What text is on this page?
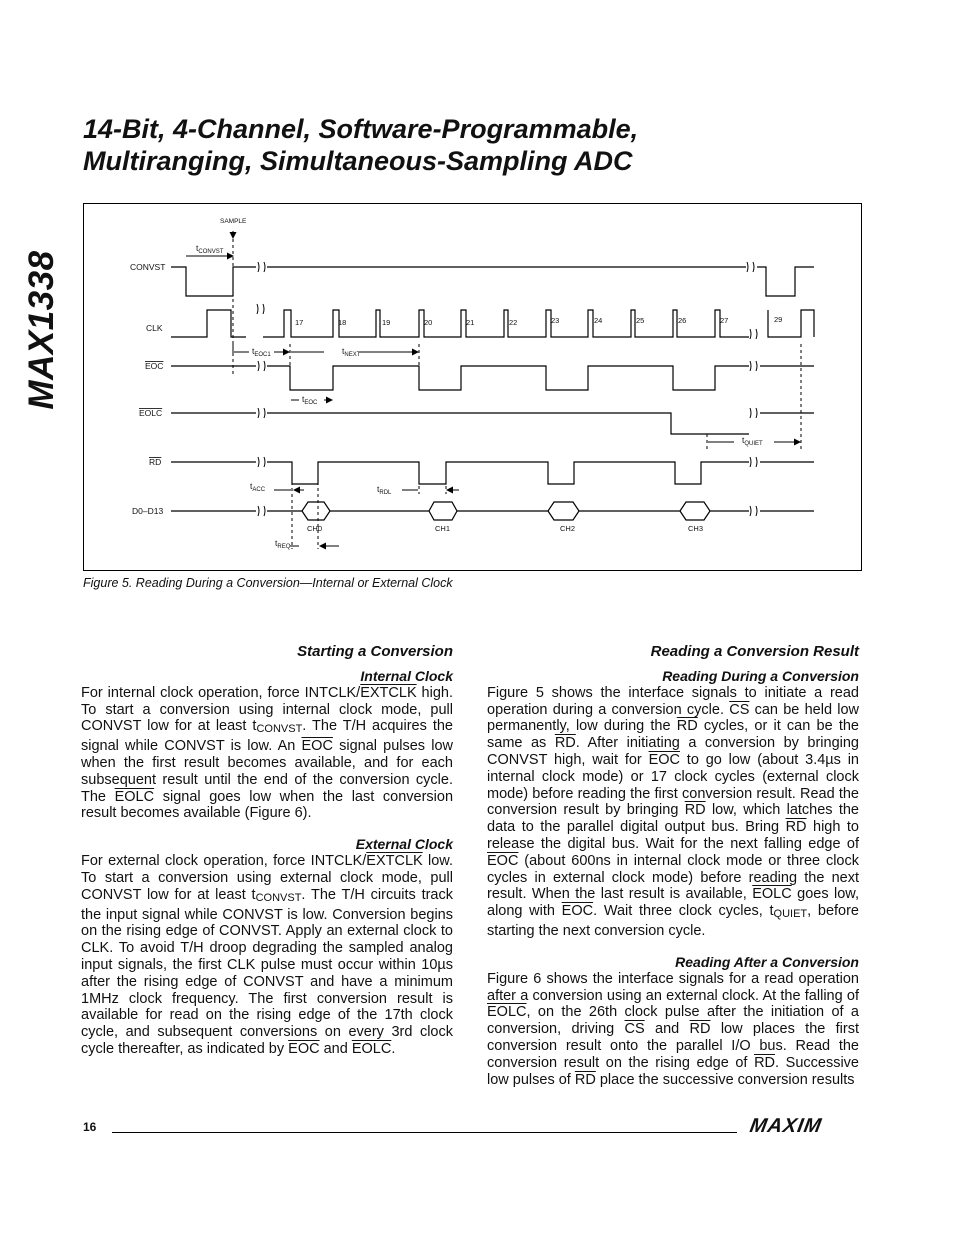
MAX1338
14-Bit, 4-Channel, Software-Programmable,
Multiranging, Simultaneous-Sampling ADC
CONVST
CLK
EOC
EOLC
RD
D0–D13
SAMPLE
17	18	19	20	21	22	23	24	25	26	27	29
CH0	CH1	CH2	CH3
$t_{CONVST}$
$t_{EOC1}$	$t_{NEXT}$
$t_{EOC}$
$t_{QUIET}$
$t_{ACC}$	$t_{RDL}$
$t_{REQ}$
Figure 5. Reading During a Conversion—Internal or External Clock
Starting a Conversion
Internal Clock

For internal clock operation, force INTCLK/EXTCLK high. To start a conversion using internal clock mode, pull CONVST low for at least tCONVST. The T/H acquires the signal while CONVST is low. An $\overline{EOC}$ signal pulses low when the first result becomes available, and for each subsequent result until the end of the conversion cycle. The EOLC signal goes low when the last conversion result becomes available (Figure 6).

External Clock

For external clock operation, force INTCLK/EXTCLK low. To start a conversion using external clock mode, pull CONVST low for at least tCONVST. The T/H circuits track the input signal while CONVST is low. Conversion begins on the rising edge of CONVST. Apply an external clock to CLK. To avoid T/H droop degrading the sampled analog input signals, the first CLK pulse must occur within 10µs after the rising edge of CONVST and have a minimum 1MHz clock frequency. The first conversion result is available for read on the rising edge of the 17th clock cycle, and subsequent conversions on every 3rd clock cycle thereafter, as indicated by $\overline{EOC}$ and EOLC.

Reading a Conversion Result
Reading During a Conversion

Figure 5 shows the interface signals to initiate a read operation during a conversion cycle. $\overline{CS}$ can be held low permanently, low during the $\overline{RD}$ cycles, or it can be the same as $\overline{RD}$. After initiating a conversion by bringing CONVST high, wait for $\overline{EOC}$ to go low (about 3.4µs in internal clock mode) or 17 clock cycles (external clock mode) before reading the first conversion result. Read the conversion result by bringing $\overline{RD}$ low, which latches the data to the parallel digital output bus. Bring $\overline{RD}$ high to release the digital bus. Wait for the next falling edge of $\overline{EOC}$ (about 600ns in internal clock mode or three clock cycles in external clock mode) before reading the next result. When the last result is available, EOLC goes low, along with $\overline{EOC}$. Wait three clock cycles, tQUIET, before starting the next conversion cycle.

Reading After a Conversion

Figure 6 shows the interface signals for a read operation after a conversion using an external clock. At the falling of EOLC, on the 26th clock pulse after the initiation of a conversion, driving $\overline{CS}$ and $\overline{RD}$ low places the first conversion result onto the parallel I/O bus. Read the conversion result on the rising edge of $\overline{RD}$. Successive low pulses of $\overline{RD}$ place the successive conversion results

16	MAXIM
